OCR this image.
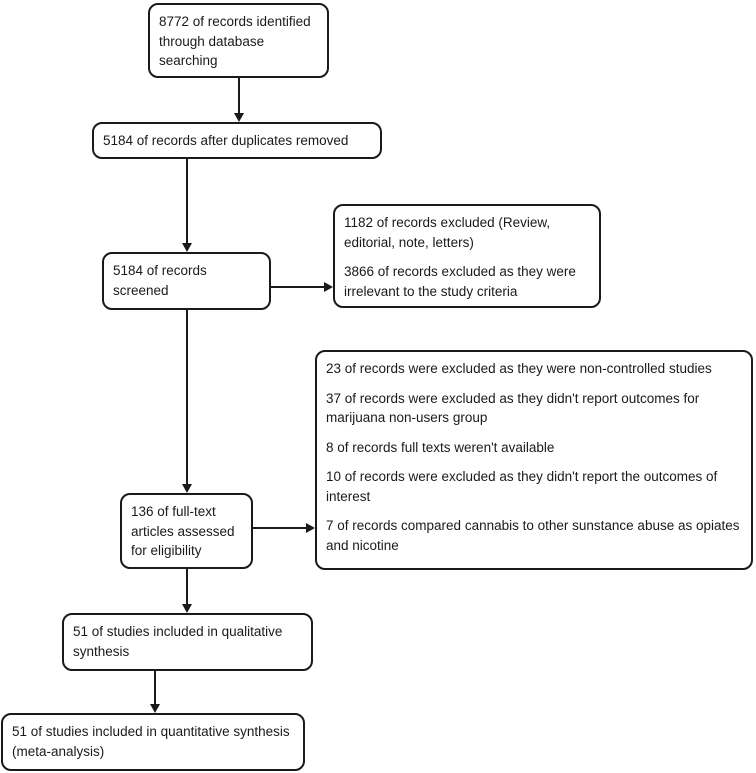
8772 of records identified through database searching

5184 of records after duplicates removed

5184 of records screened

1182 of records excluded (Review, editorial, note, letters)

3866 of records excluded as they were irrelevant to the study criteria

23 of records were excluded as they were non-controlled studies

37 of records were excluded as they didn't report outcomes for marijuana non-users group

8 of records full texts weren't available

10 of records were excluded as they didn't report the outcomes of interest

7 of records compared cannabis to other sunstance abuse as opiates and nicotine

136 of full-text articles assessed for eligibility

51 of studies included in qualitative synthesis

51 of studies included in quantitative synthesis (meta-analysis)
